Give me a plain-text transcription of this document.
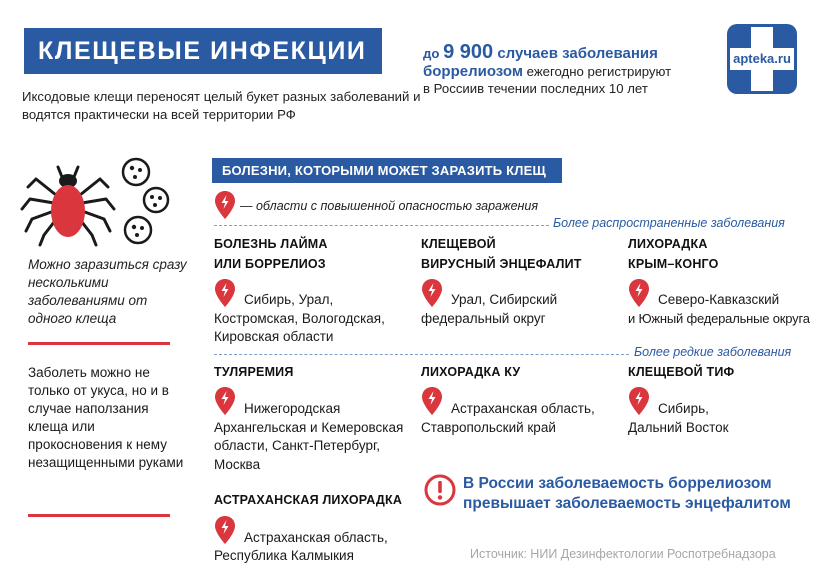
КЛЕЩЕВЫЕ ИНФЕКЦИИ
Иксодовые клещи переносят целый букет разных заболеваний и водятся практически на всей территории РФ
до 9 900 случаев заболевания
боррелиозом ежегодно регистрируют
в Россиив течении последних 10 лет
apteka.ru
Можно заразиться сразу несколькими заболеваниями от одного клеща
Заболеть можно не только от укуса, но и в случае наползания клеща или прокосновения к нему незащищенными руками
БОЛЕЗНИ, КОТОРЫМИ МОЖЕТ ЗАРАЗИТЬ КЛЕЩ
— области с повышенной опасностью заражения
Более распространенные заболевания
БОЛЕЗНЬ ЛАЙМА
ИЛИ БОРРЕЛИОЗ
Сибирь, Урал,
Костромская, Вологодская,
Кировская области
КЛЕЩЕВОЙ
ВИРУСНЫЙ ЭНЦЕФАЛИТ
Урал, Сибирский
федеральный округ
ЛИХОРАДКА
КРЫМ–КОНГО
Северо-Кавказский
и Южный федеральные округа
Более редкие заболевания
ТУЛЯРЕМИЯ
Нижегородская
Архангельская и Кемеровская
области, Санкт-Петербург,
Москва
ЛИХОРАДКА КУ
Астраханская область,
Ставропольский край
КЛЕЩЕВОЙ ТИФ
Сибирь,
Дальний Восток
АСТРАХАНСКАЯ ЛИХОРАДКА
Астраханская область,
Республика Калмыкия
В России заболеваемость боррелиозом
превышает заболеваемость энцефалитом
Источник: НИИ Дезинфектологии Роспотребнадзора
